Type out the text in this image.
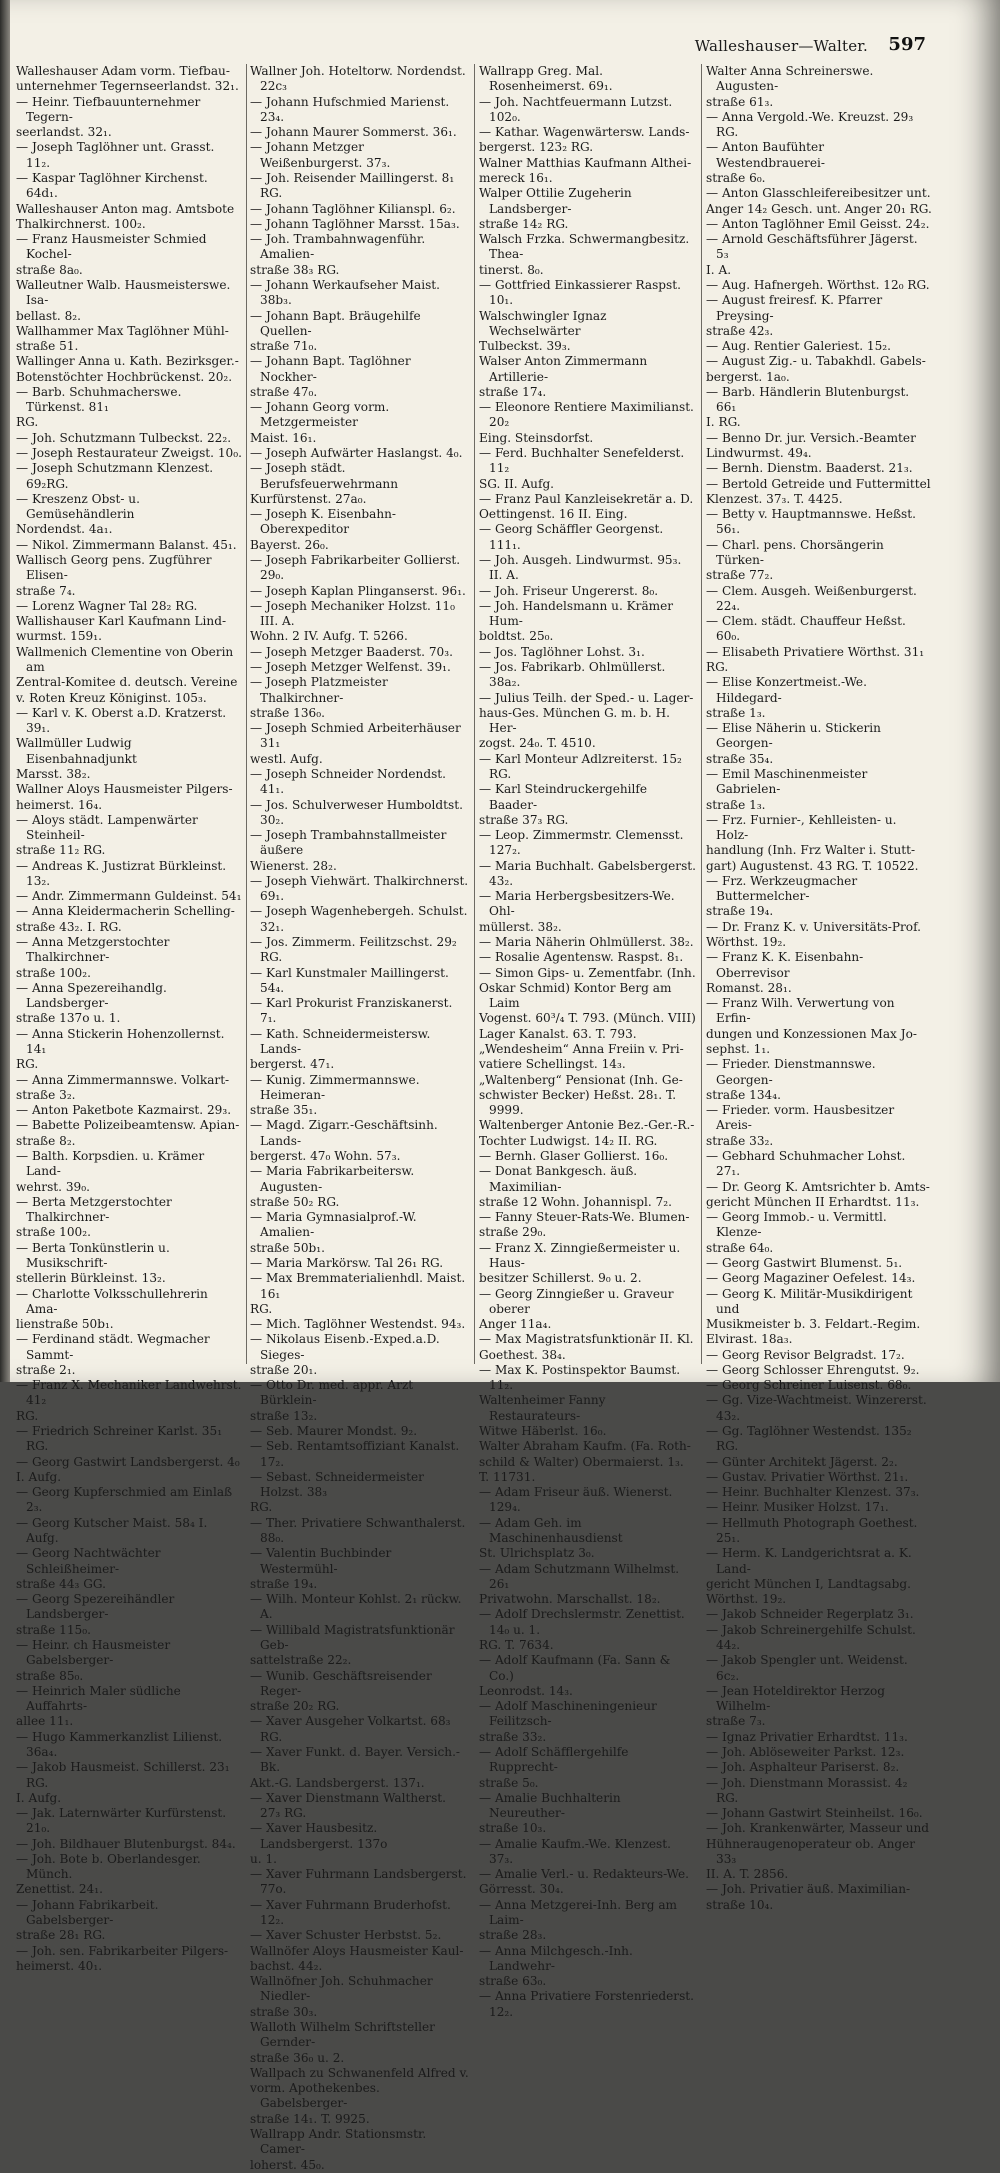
Walleshauser—Walter. 597
Walleshauser Adam vorm. Tiefbau-
unternehmer Tegernseerlandst. 32₁.
— Heinr. Tiefbauunternehmer Tegern-
seerlandst. 32₁.
— Joseph Taglöhner unt. Grasst. 11₂.
— Kaspar Taglöhner Kirchenst. 64d₁.
Walleshauser Anton mag. Amtsbote
Thalkirchnerst. 100₂.
— Franz Hausmeister Schmied Kochel-
straße 8a₀.
Walleutner Walb. Hausmeisterswe. Isa-
bellast. 8₂.
Wallhammer Max Taglöhner Mühl-
straße 51.
Wallinger Anna u. Kath. Bezirksger.-
Botenstöchter Hochbrückenst. 20₂.
— Barb. Schuhmacherswe. Türkenst. 81₁
RG.
— Joh. Schutzmann Tulbeckst. 22₂.
— Joseph Restaurateur Zweigst. 10₀.
— Joseph Schutzmann Klenzest. 69₂RG.
— Kreszenz Obst- u. Gemüsehändlerin
Nordendst. 4a₁.
— Nikol. Zimmermann Balanst. 45₁.
Wallisch Georg pens. Zugführer Elisen-
straße 7₄.
— Lorenz Wagner Tal 28₂ RG.
Wallishauser Karl Kaufmann Lind-
wurmst. 159₁.
Wallmenich Clementine von Oberin am
Zentral-Komitee d. deutsch. Vereine
v. Roten Kreuz Königinst. 105₃.
— Karl v. K. Oberst a.D. Kratzerst. 39₁.
Wallmüller Ludwig Eisenbahnadjunkt
Marsst. 38₂.
Wallner Aloys Hausmeister Pilgers-
heimerst. 16₄.
— Aloys städt. Lampenwärter Steinheil-
straße 11₂ RG.
— Andreas K. Justizrat Bürkleinst. 13₂.
— Andr. Zimmermann Guldeinst. 54₁
— Anna Kleidermacherin Schelling-
straße 43₂. I. RG.
— Anna Metzgerstochter Thalkirchner-
straße 100₂.
— Anna Spezereihandlg. Landsberger-
straße 137o u. 1.
— Anna Stickerin Hohenzollernst. 14₁
RG.
— Anna Zimmermannswe. Volkart-
straße 3₂.
— Anton Paketbote Kazmairst. 29₃.
— Babette Polizeibeamtensw. Apian-
straße 8₂.
— Balth. Korpsdien. u. Krämer Land-
wehrst. 39₀.
— Berta Metzgerstochter Thalkirchner-
straße 100₂.
— Berta Tonkünstlerin u. Musikschrift-
stellerin Bürkleinst. 13₂.
— Charlotte Volksschullehrerin Ama-
lienstraße 50b₁.
— Ferdinand städt. Wegmacher Sammt-
straße 2₁.
— Franz X. Mechaniker Landwehrst. 41₂
RG.
— Friedrich Schreiner Karlst. 35₁ RG.
— Georg Gastwirt Landsbergerst. 4₀
I. Aufg.
— Georg Kupferschmied am Einlaß 2₃.
— Georg Kutscher Maist. 58₄ I. Aufg.
— Georg Nachtwächter Schleißheimer-
straße 44₃ GG.
— Georg Spezereihändler Landsberger-
straße 115₀.
— Heinr. ch Hausmeister Gabelsberger-
straße 85₀.
— Heinrich Maler südliche Auffahrts-
allee 11₁.
— Hugo Kammerkanzlist Lilienst. 36a₄.
— Jakob Hausmeist. Schillerst. 23₁ RG.
I. Aufg.
— Jak. Laternwärter Kurfürstenst. 21₀.
— Joh. Bildhauer Blutenburgst. 84₄.
— Joh. Bote b. Oberlandesger. Münch.
Zenettist. 24₁.
— Johann Fabrikarbeit. Gabelsberger-
straße 28₁ RG.
— Joh. sen. Fabrikarbeiter Pilgers-
heimerst. 40₁.
Wallner Joh. Hoteltorw. Nordendst. 22c₃
— Johann Hufschmied Marienst. 23₄.
— Johann Maurer Sommerst. 36₁.
— Johann Metzger Weißenburgerst. 37₃.
— Joh. Reisender Maillingerst. 8₁ RG.
— Johann Taglöhner Kilianspl. 6₂.
— Johann Taglöhner Marsst. 15a₃.
— Joh. Trambahnwagenführ. Amalien-
straße 38₃ RG.
— Johann Werkaufseher Maist. 38b₃.
— Johann Bapt. Bräugehilfe Quellen-
straße 71₀.
— Johann Bapt. Taglöhner Nockher-
straße 47₀.
— Johann Georg vorm. Metzgermeister
Maist. 16₁.
— Joseph Aufwärter Haslangst. 4₀.
— Joseph städt. Berufsfeuerwehrmann
Kurfürstenst. 27a₀.
— Joseph K. Eisenbahn-Oberexpeditor
Bayerst. 26₀.
— Joseph Fabrikarbeiter Gollierst. 29₀.
— Joseph Kaplan Plinganserst. 96₁.
— Joseph Mechaniker Holzst. 11₀ III. A.
Wohn. 2 IV. Aufg. T. 5266.
— Joseph Metzger Baaderst. 70₃.
— Joseph Metzger Welfenst. 39₁.
— Joseph Platzmeister Thalkirchner-
straße 136₀.
— Joseph Schmied Arbeiterhäuser 31₁
westl. Aufg.
— Joseph Schneider Nordendst. 41₁.
— Jos. Schulverweser Humboldtst. 30₂.
— Joseph Trambahnstallmeister äußere
Wienerst. 28₂.
— Joseph Viehwärt. Thalkirchnerst. 69₁.
— Joseph Wagenhebergeh. Schulst. 32₁.
— Jos. Zimmerm. Feilitzschst. 29₂ RG.
— Karl Kunstmaler Maillingerst. 54₄.
— Karl Prokurist Franziskanerst. 7₁.
— Kath. Schneidermeistersw. Lands-
bergerst. 47₁.
— Kunig. Zimmermannswe. Heimeran-
straße 35₁.
— Magd. Zigarr.-Geschäftsinh. Lands-
bergerst. 47₀ Wohn. 57₃.
— Maria Fabrikarbeitersw. Augusten-
straße 50₂ RG.
— Maria Gymnasialprof.-W. Amalien-
straße 50b₁.
— Maria Markörsw. Tal 26₁ RG.
— Max Bremmaterialienhdl. Maist. 16₁
RG.
— Mich. Taglöhner Westendst. 94₃.
— Nikolaus Eisenb.-Exped.a.D. Sieges-
straße 20₁.
— Otto Dr. med. appr. Arzt Bürklein-
straße 13₂.
— Seb. Maurer Mondst. 9₂.
— Seb. Rentamtsoffiziant Kanalst. 17₂.
— Sebast. Schneidermeister Holzst. 38₃
RG.
— Ther. Privatiere Schwanthalerst. 88₀.
— Valentin Buchbinder Westermühl-
straße 19₄.
— Wilh. Monteur Kohlst. 2₁ rückw. A.
— Willibald Magistratsfunktionär Geb-
sattelstraße 22₂.
— Wunib. Geschäftsreisender Reger-
straße 20₂ RG.
— Xaver Ausgeher Volkartst. 68₃ RG.
— Xaver Funkt. d. Bayer. Versich.-Bk.
Akt.-G. Landsbergerst. 137₁.
— Xaver Dienstmann Waltherst. 27₃ RG.
— Xaver Hausbesitz. Landsbergerst. 137o
u. 1.
— Xaver Fuhrmann Landsbergerst. 77o.
— Xaver Fuhrmann Bruderhofst. 12₂.
— Xaver Schuster Herbstst. 5₂.
Wallnöfer Aloys Hausmeister Kaul-
bachst. 44₂.
Wallnöfner Joh. Schuhmacher Niedler-
straße 30₃.
Walloth Wilhelm Schriftsteller Gernder-
straße 36₀ u. 2.
Wallpach zu Schwanenfeld Alfred v.
vorm. Apothekenbes. Gabelsberger-
straße 14₁. T. 9925.
Wallrapp Andr. Stationsmstr. Camer-
loherst. 45₀.
Wallrapp Greg. Mal. Rosenheimerst. 69₁.
— Joh. Nachtfeuermann Lutzst. 102₀.
— Kathar. Wagenwärtersw. Lands-
bergerst. 123₂ RG.
Walner Matthias Kaufmann Althei-
mereck 16₁.
Walper Ottilie Zugeherin Landsberger-
straße 14₂ RG.
Walsch Frzka. Schwermangbesitz. Thea-
tinerst. 8₀.
— Gottfried Einkassierer Raspst. 10₁.
Walschwingler Ignaz Wechselwärter
Tulbeckst. 39₃.
Walser Anton Zimmermann Artillerie-
straße 17₄.
— Eleonore Rentiere Maximilianst. 20₂
Eing. Steinsdorfst.
— Ferd. Buchhalter Senefelderst. 11₂
SG. II. Aufg.
— Franz Paul Kanzleisekretär a. D.
Oettingenst. 16 II. Eing.
— Georg Schäffler Georgenst. 111₁.
— Joh. Ausgeh. Lindwurmst. 95₃. II. A.
— Joh. Friseur Ungererst. 8₀.
— Joh. Handelsmann u. Krämer Hum-
boldtst. 25₀.
— Jos. Taglöhner Lohst. 3₁.
— Jos. Fabrikarb. Ohlmüllerst. 38a₂.
— Julius Teilh. der Sped.- u. Lager-
haus-Ges. München G. m. b. H. Her-
zogst. 24₀. T. 4510.
— Karl Monteur Adlzreiterst. 15₂ RG.
— Karl Steindruckergehilfe Baader-
straße 37₃ RG.
— Leop. Zimmermstr. Clemensst. 127₂.
— Maria Buchhalt. Gabelsbergerst. 43₂.
— Maria Herbergsbesitzers-We. Ohl-
müllerst. 38₂.
— Maria Näherin Ohlmüllerst. 38₂.
— Rosalie Agentensw. Raspst. 8₁.
— Simon Gips- u. Zementfabr. (Inh.
Oskar Schmid) Kontor Berg am Laim
Vogenst. 60³/₄ T. 793. (Münch. VIII)
Lager Kanalst. 63. T. 793.
„Wendesheim“ Anna Freiin v. Pri-
vatiere Schellingst. 14₃.
„Waltenberg“ Pensionat (Inh. Ge-
schwister Becker) Heßst. 28₁. T. 9999.
Waltenberger Antonie Bez.-Ger.-R.-
Tochter Ludwigst. 14₂ II. RG.
— Bernh. Glaser Gollierst. 16₀.
— Donat Bankgesch. äuß. Maximilian-
straße 12 Wohn. Johannispl. 7₂.
— Fanny Steuer-Rats-We. Blumen-
straße 29₀.
— Franz X. Zinngießermeister u. Haus-
besitzer Schillerst. 9₀ u. 2.
— Georg Zinngießer u. Graveur oberer
Anger 11a₄.
— Max Magistratsfunktionär II. Kl.
Goethest. 38₄.
— Max K. Postinspektor Baumst. 11₂.
Waltenheimer Fanny Restaurateurs-
Witwe Häberlst. 16₀.
Walter Abraham Kaufm. (Fa. Roth-
schild & Walter) Obermaierst. 1₃.
T. 11731.
— Adam Friseur äuß. Wienerst. 129₄.
— Adam Geh. im Maschinenhausdienst
St. Ulrichsplatz 3₀.
— Adam Schutzmann Wilhelmst. 26₁
Privatwohn. Marschallst. 18₂.
— Adolf Drechslermstr. Zenettist. 14₀ u. 1.
RG. T. 7634.
— Adolf Kaufmann (Fa. Sann & Co.)
Leonrodst. 14₃.
— Adolf Maschineningenieur Feilitzsch-
straße 33₂.
— Adolf Schäfflergehilfe Rupprecht-
straße 5₀.
— Amalie Buchhalterin Neureuther-
straße 10₃.
— Amalie Kaufm.-We. Klenzest. 37₃.
— Amalie Verl.- u. Redakteurs-We.
Görresst. 30₄.
— Anna Metzgerei-Inh. Berg am Laim-
straße 28₃.
— Anna Milchgesch.-Inh. Landwehr-
straße 63₀.
— Anna Privatiere Forstenriederst. 12₂.
Walter Anna Schreinerswe. Augusten-
straße 61₃.
— Anna Vergold.-We. Kreuzst. 29₃ RG.
— Anton Baufühter Westendbrauerei-
straße 6₀.
— Anton Glasschleifereibesitzer unt.
Anger 14₂ Gesch. unt. Anger 20₁ RG.
— Anton Taglöhner Emil Geisst. 24₂.
— Arnold Geschäftsführer Jägerst. 5₃
I. A.
— Aug. Hafnergeh. Wörthst. 12₀ RG.
— August freiresf. K. Pfarrer Preysing-
straße 42₃.
— Aug. Rentier Galeriest. 15₂.
— August Zig.- u. Tabakhdl. Gabels-
bergerst. 1a₀.
— Barb. Händlerin Blutenburgst. 66₁
I. RG.
— Benno Dr. jur. Versich.-Beamter
Lindwurmst. 49₄.
— Bernh. Dienstm. Baaderst. 21₃.
— Bertold Getreide und Futtermittel
Klenzest. 37₃. T. 4425.
— Betty v. Hauptmannswe. Heßst. 56₁.
— Charl. pens. Chorsängerin Türken-
straße 77₂.
— Clem. Ausgeh. Weißenburgerst. 22₄.
— Clem. städt. Chauffeur Heßst. 60₀.
— Elisabeth Privatiere Wörthst. 31₁
RG.
— Elise Konzertmeist.-We. Hildegard-
straße 1₃.
— Elise Näherin u. Stickerin Georgen-
straße 35₄.
— Emil Maschinenmeister Gabrielen-
straße 1₃.
— Frz. Furnier-, Kehlleisten- u. Holz-
handlung (Inh. Frz Walter i. Stutt-
gart) Augustenst. 43 RG. T. 10522.
— Frz. Werkzeugmacher Buttermelcher-
straße 19₄.
— Dr. Franz K. v. Universitäts-Prof.
Wörthst. 19₂.
— Franz K. K. Eisenbahn-Oberrevisor
Romanst. 28₁.
— Franz Wilh. Verwertung von Erfin-
dungen und Konzessionen Max Jo-
sephst. 1₁.
— Frieder. Dienstmannswe. Georgen-
straße 134₄.
— Frieder. vorm. Hausbesitzer Areis-
straße 33₂.
— Gebhard Schuhmacher Lohst. 27₁.
— Dr. Georg K. Amtsrichter b. Amts-
gericht München II Erhardtst. 11₃.
— Georg Immob.- u. Vermittl. Klenze-
straße 64₀.
— Georg Gastwirt Blumenst. 5₁.
— Georg Magaziner Oefelest. 14₃.
— Georg K. Militär-Musikdirigent und
Musikmeister b. 3. Feldart.-Regim.
Elvirast. 18a₃.
— Georg Revisor Belgradst. 17₂.
— Georg Schlosser Ehrengutst. 9₂.
— Georg Schreiner Luisenst. 68₀.
— Gg. Vize-Wachtmeist. Winzererst. 43₂.
— Gg. Taglöhner Westendst. 135₂ RG.
— Günter Architekt Jägerst. 2₂.
— Gustav. Privatier Wörthst. 21₁.
— Heinr. Buchhalter Klenzest. 37₃.
— Heinr. Musiker Holzst. 17₁.
— Hellmuth Photograph Goethest. 25₁.
— Herm. K. Landgerichtsrat a. K. Land-
gericht München I, Landtagsabg.
Wörthst. 19₂.
— Jakob Schneider Regerplatz 3₁.
— Jakob Schreinergehilfe Schulst. 44₂.
— Jakob Spengler unt. Weidenst. 6c₂.
— Jean Hoteldirektor Herzog Wilhelm-
straße 7₃.
— Ignaz Privatier Erhardtst. 11₃.
— Joh. Ablöseweiter Parkst. 12₃.
— Joh. Asphalteur Pariserst. 8₂.
— Joh. Dienstmann Morassist. 4₂ RG.
— Johann Gastwirt Steinheilst. 16₀.
— Joh. Krankenwärter, Masseur und
Hühneraugenoperateur ob. Anger 33₃
II. A. T. 2856.
— Joh. Privatier äuß. Maximilian-
straße 10₄.
